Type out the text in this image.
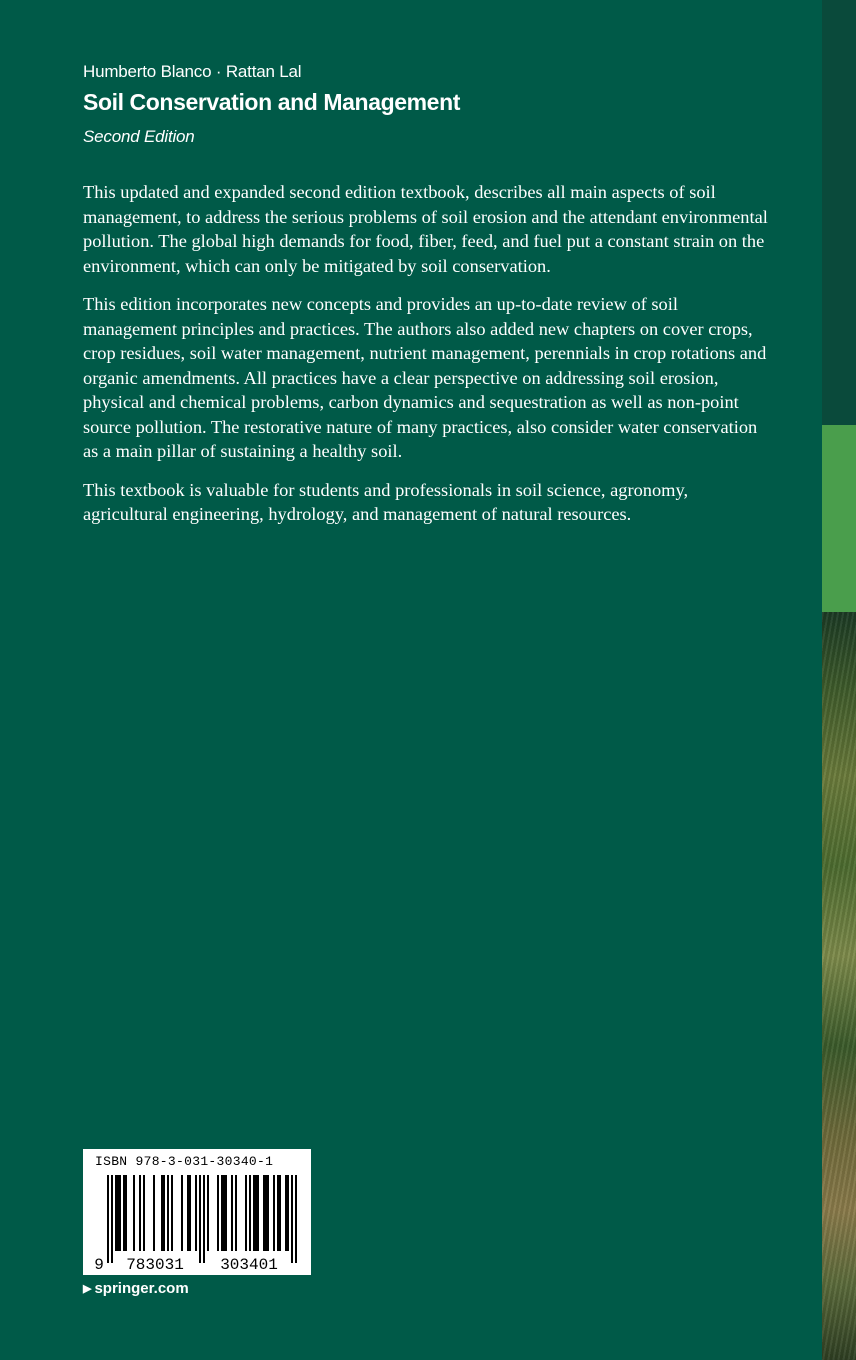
Humberto Blanco · Rattan Lal
Soil Conservation and Management
Second Edition

This updated and expanded second edition textbook, describes all main aspects of soil management, to address the serious problems of soil erosion and the attendant environmental pollution. The global high demands for food, fiber, feed, and fuel put a constant strain on the environment, which can only be mitigated by soil conservation.

This edition incorporates new concepts and provides an up-to-date review of soil management principles and practices. The authors also added new chapters on cover crops, crop residues, soil water management, nutrient management, perennials in crop rotations and organic amendments. All practices have a clear perspective on addressing soil erosion, physical and chemical problems, carbon dynamics and sequestration as well as non-point source pollution. The restorative nature of many practices, also consider water conservation as a main pillar of sustaining a healthy soil.

This textbook is valuable for students and professionals in soil science, agronomy, agricultural engineering, hydrology, and management of natural resources.

ISBN 978-3-031-30340-1
9	783031	303401
▶ springer.com
